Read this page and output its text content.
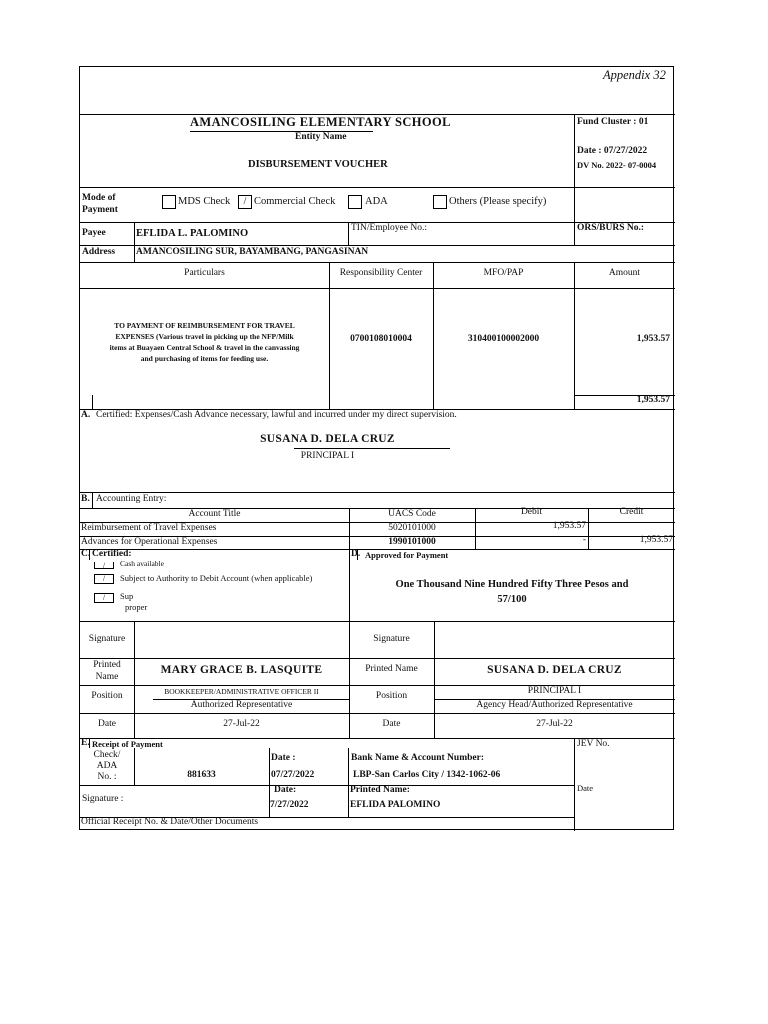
Appendix 32
AMANCOSILING ELEMENTARY SCHOOL
Entity Name
DISBURSEMENT VOUCHER
Fund Cluster : 01
Date : 07/27/2022
DV No. 2022- 07-0004
Mode of
Payment
MDS Check	/ Commercial Check	ADA	Others (Please specify)
Payee	EFLIDA L. PALOMINO	TIN/Employee No.:	ORS/BURS No.:
Address AMANCOSILING SUR, BAYAMBANG, PANGASINAN
Particulars	Responsibility Center	MFO/PAP	Amount
TO PAYMENT OF REIMBURSEMENT FOR TRAVEL
EXPENSES (Various travel in picking up the NFP/Milk
items at Buayaen Central School & travel in the canvassing
and purchasing of items for feeding use.
0700108010004	310400100002000	1,953.57
1,953.57
A. Certified: Expenses/Cash Advance necessary, lawful and incurred under my direct supervision.
SUSANA D. DELA CRUZ
PRINCIPAL I
B. Accounting Entry:
Account Title	UACS Code	Debit	Credit
Reimbursement of Travel Expenses	5020101000	1,953.57
Advances for Operational Expenses	1990101000	-	1,953.57
C. Certified:
/	Cash available
/	Subject to Authority to Debit Account (when applicable)
/	Sup
proper
Signature
Printed
Name
MARY GRACE B. LASQUITE
Position	BOOKKEEPER/ADMINISTRATIVE OFFICER II
Authorized Representative
Date	27-Jul-22
D. Approved for Payment
One Thousand Nine Hundred Fifty Three Pesos and
57/100
Signature
Printed Name	SUSANA D. DELA CRUZ
Position	PRINCIPAL I
Agency Head/Authorized Representative
Date	27-Jul-22
E. Receipt of Payment	JEV No.
Check/
ADA
No. :	881633
Date :
07/27/2022
Bank Name & Account Number:
LBP-San Carlos City / 1342-1062-06
Signature :
Date:
7/27/2022
Printed Name:
EFLIDA PALOMINO
Date
Official Receipt No. & Date/Other Documents
